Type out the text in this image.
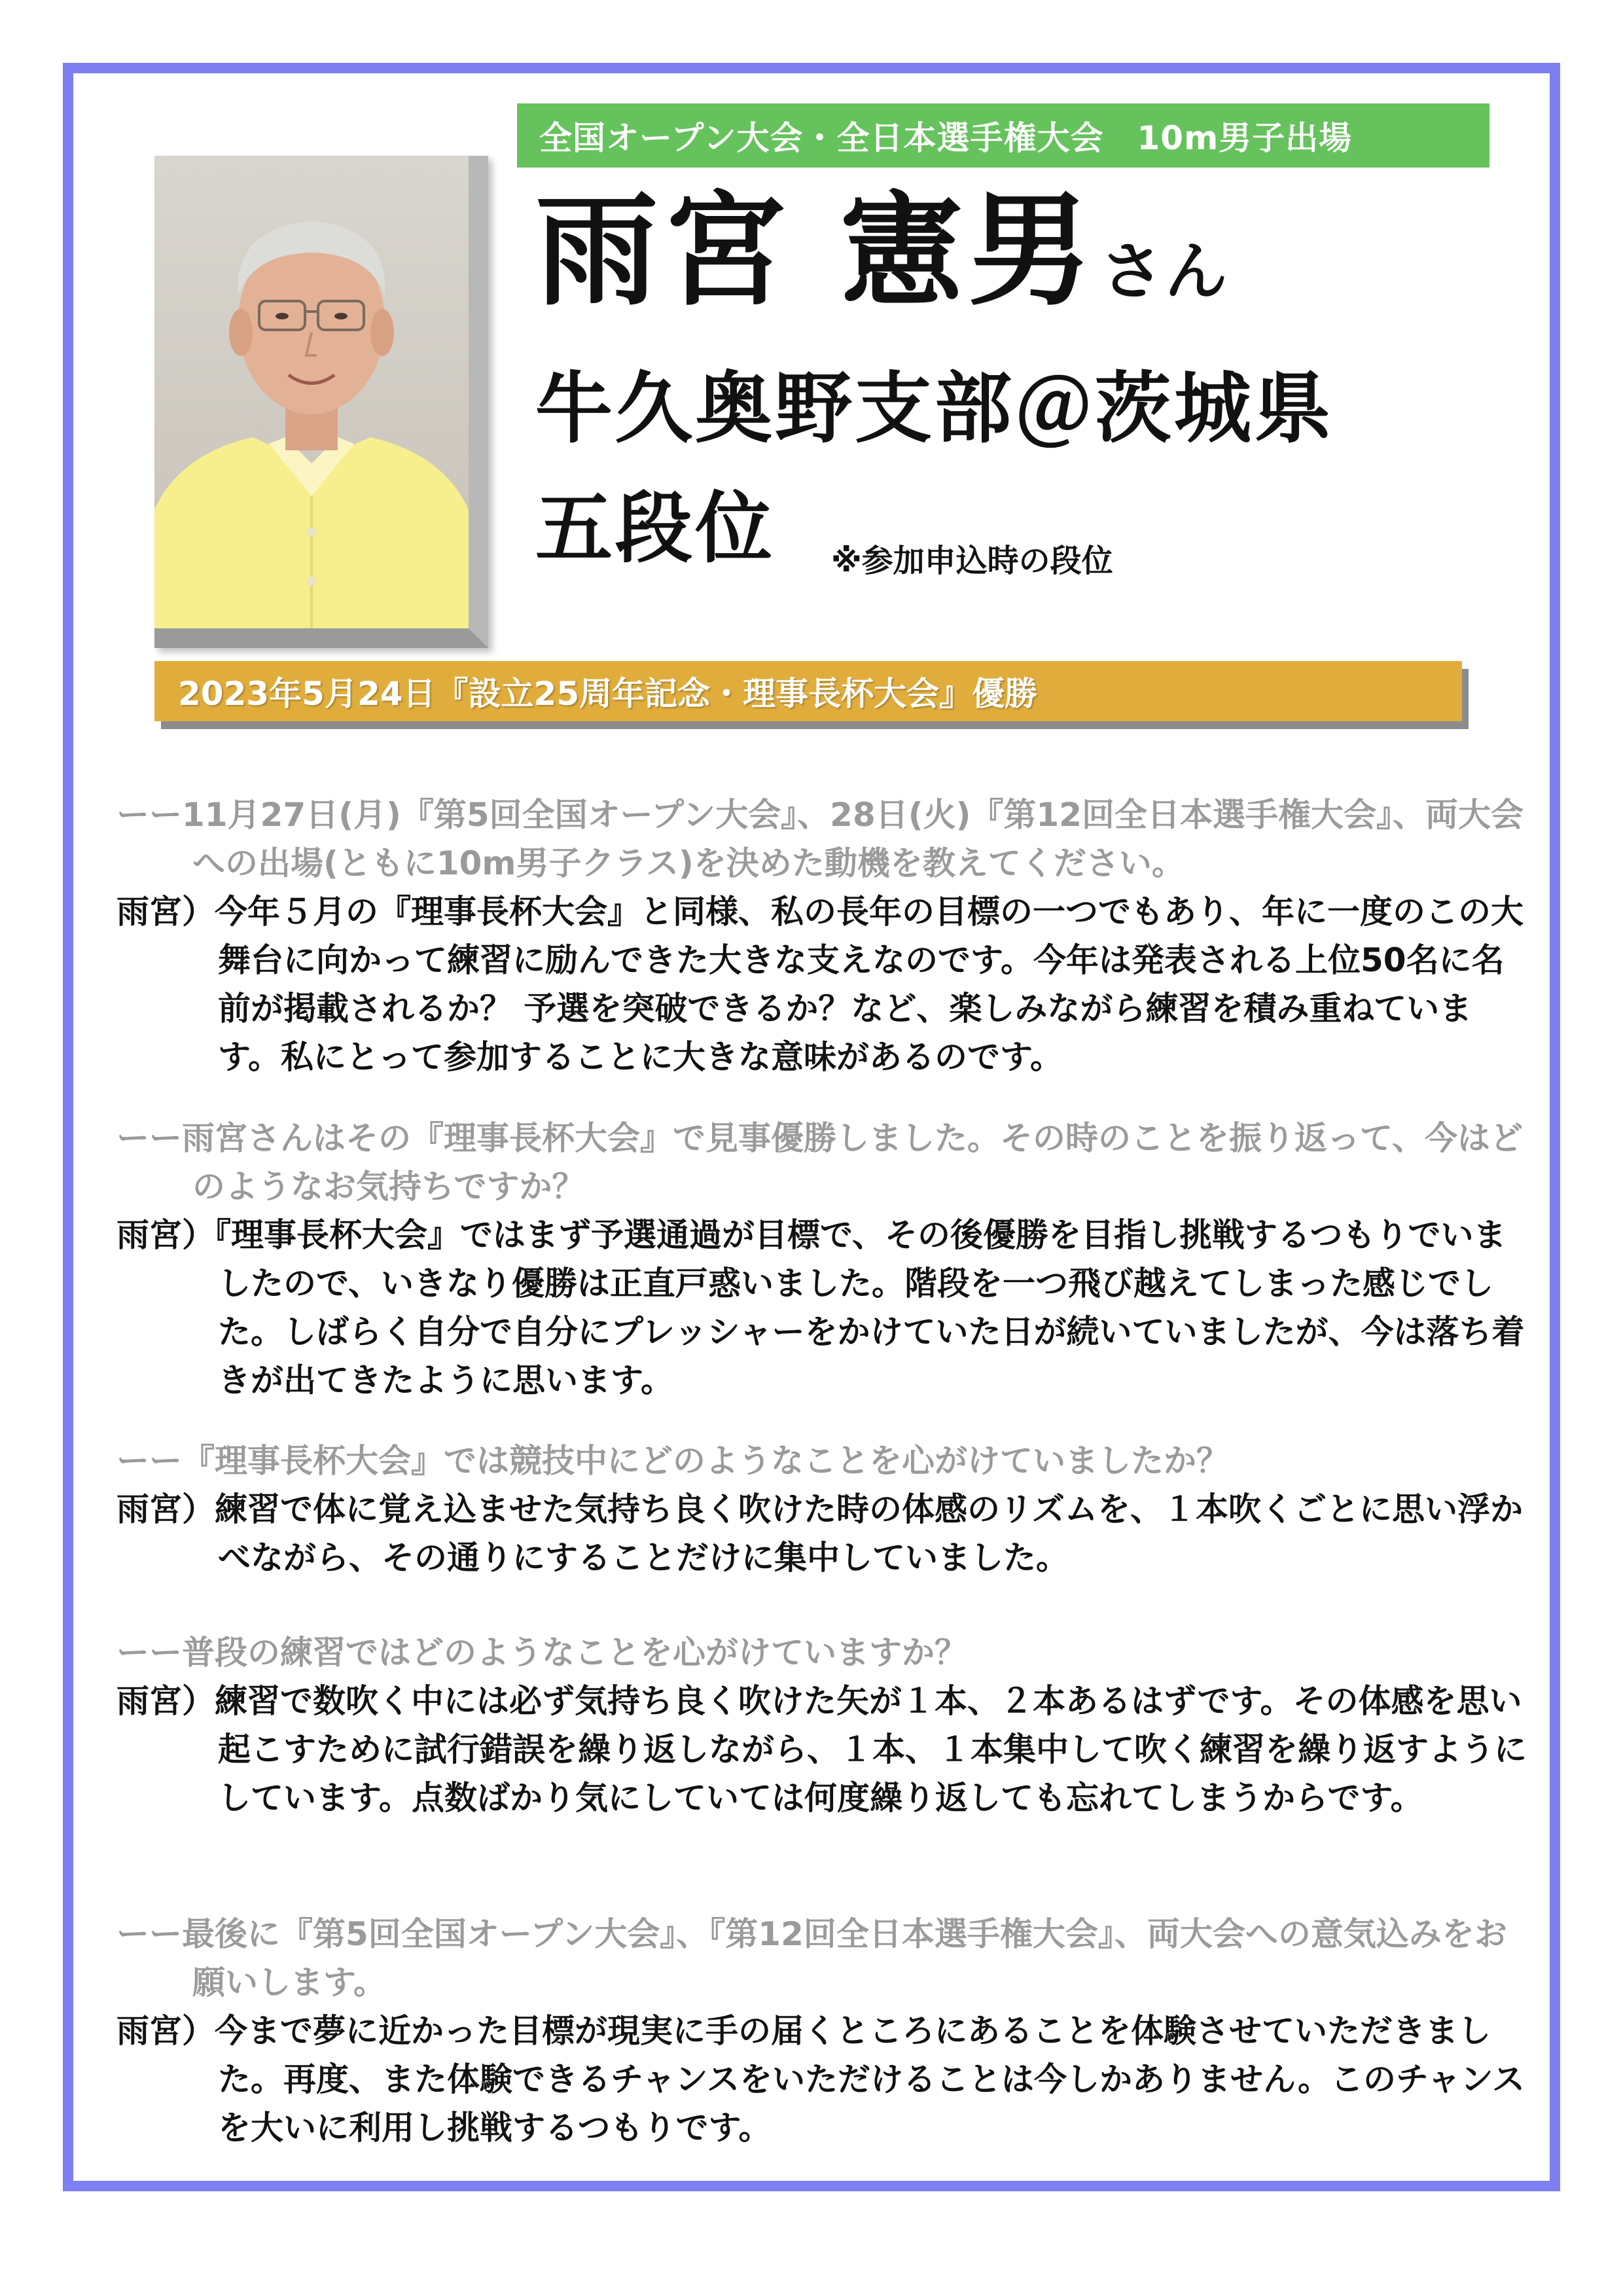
全国オープン大会・全日本選手権大会　10m男子出場
雨宮 憲男さん
牛久奥野支部＠茨城県
五段位 ※参加申込時の段位
2023年5月24日『設立25周年記念・理事長杯大会』優勝
ーー11月27日(月)『第5回全国オープン大会』、28日(火)『第12回全日本選手権大会』、両大会への出場(ともに10m男子クラス)を決めた動機を教えてください。
雨宮）今年５月の『理事長杯大会』と同様、私の長年の目標の一つでもあり、年に一度のこの大舞台に向かって練習に励んできた大きな支えなのです。今年は発表される上位50名に名前が掲載されるか？ 予選を突破できるか？など、楽しみながら練習を積み重ねています。私にとって参加することに大きな意味があるのです。
ーー雨宮さんはその『理事長杯大会』で見事優勝しました。その時のことを振り返って、今はどのようなお気持ちですか？
雨宮）『理事長杯大会』ではまず予選通過が目標で、その後優勝を目指し挑戦するつもりでいましたので、いきなり優勝は正直戸惑いました。階段を一つ飛び越えてしまった感じでした。しばらく自分で自分にプレッシャーをかけていた日が続いていましたが、今は落ち着きが出てきたように思います。
ーー『理事長杯大会』では競技中にどのようなことを心がけていましたか？
雨宮）練習で体に覚え込ませた気持ち良く吹けた時の体感のリズムを、１本吹くごとに思い浮かべながら、その通りにすることだけに集中していました。
ーー普段の練習ではどのようなことを心がけていますか？
雨宮）練習で数吹く中には必ず気持ち良く吹けた矢が１本、２本あるはずです。その体感を思い起こすために試行錯誤を繰り返しながら、１本、１本集中して吹く練習を繰り返すようにしています。点数ばかり気にしていては何度繰り返しても忘れてしまうからです。
ーー最後に『第5回全国オープン大会』、『第12回全日本選手権大会』、両大会への意気込みをお願いします。
雨宮）今まで夢に近かった目標が現実に手の届くところにあることを体験させていただきました。再度、また体験できるチャンスをいただけることは今しかありません。このチャンスを大いに利用し挑戦するつもりです。
